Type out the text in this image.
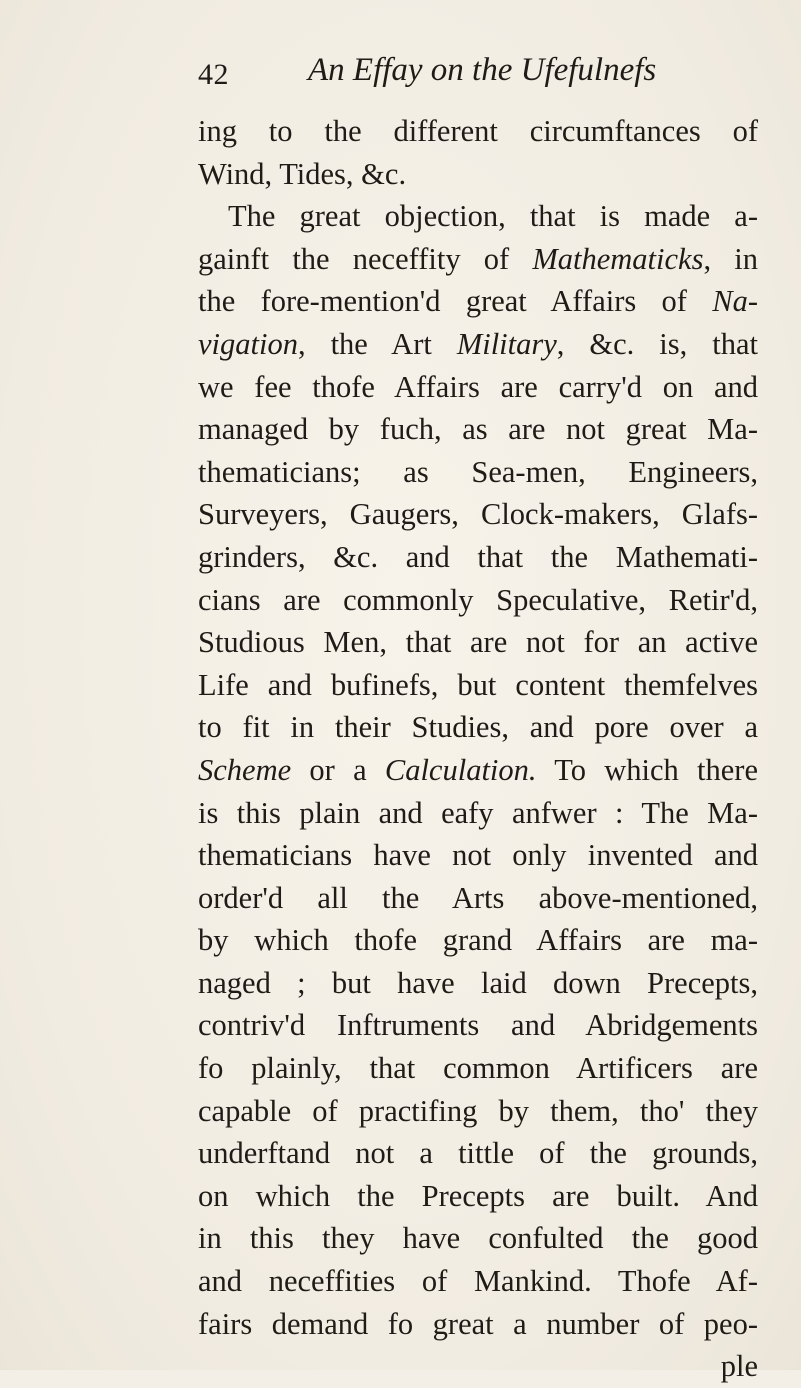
42 An Effay on the Ufefulnefs
ing to the different circumftances of
Wind, Tides, &c.
The great objection, that is made a-
gainft the neceffity of Mathematicks, in
the fore-mention'd great Affairs of Na-
vigation, the Art Military, &c. is, that
we fee thofe Affairs are carry'd on and
managed by fuch, as are not great Ma-
thematicians; as Sea-men, Engineers,
Surveyers, Gaugers, Clock-makers, Glafs-
grinders, &c. and that the Mathemati-
cians are commonly Speculative, Retir'd,
Studious Men, that are not for an active
Life and bufinefs, but content themfelves
to fit in their Studies, and pore over a
Scheme or a Calculation. To which there
is this plain and eafy anfwer : The Ma-
thematicians have not only invented and
order'd all the Arts above-mentioned,
by which thofe grand Affairs are ma-
naged ; but have laid down Precepts,
contriv'd Inftruments and Abridgements
fo plainly, that common Artificers are
capable of practifing by them, tho' they
underftand not a tittle of the grounds,
on which the Precepts are built. And
in this they have confulted the good
and neceffities of Mankind. Thofe Af-
fairs demand fo great a number of peo-
ple
